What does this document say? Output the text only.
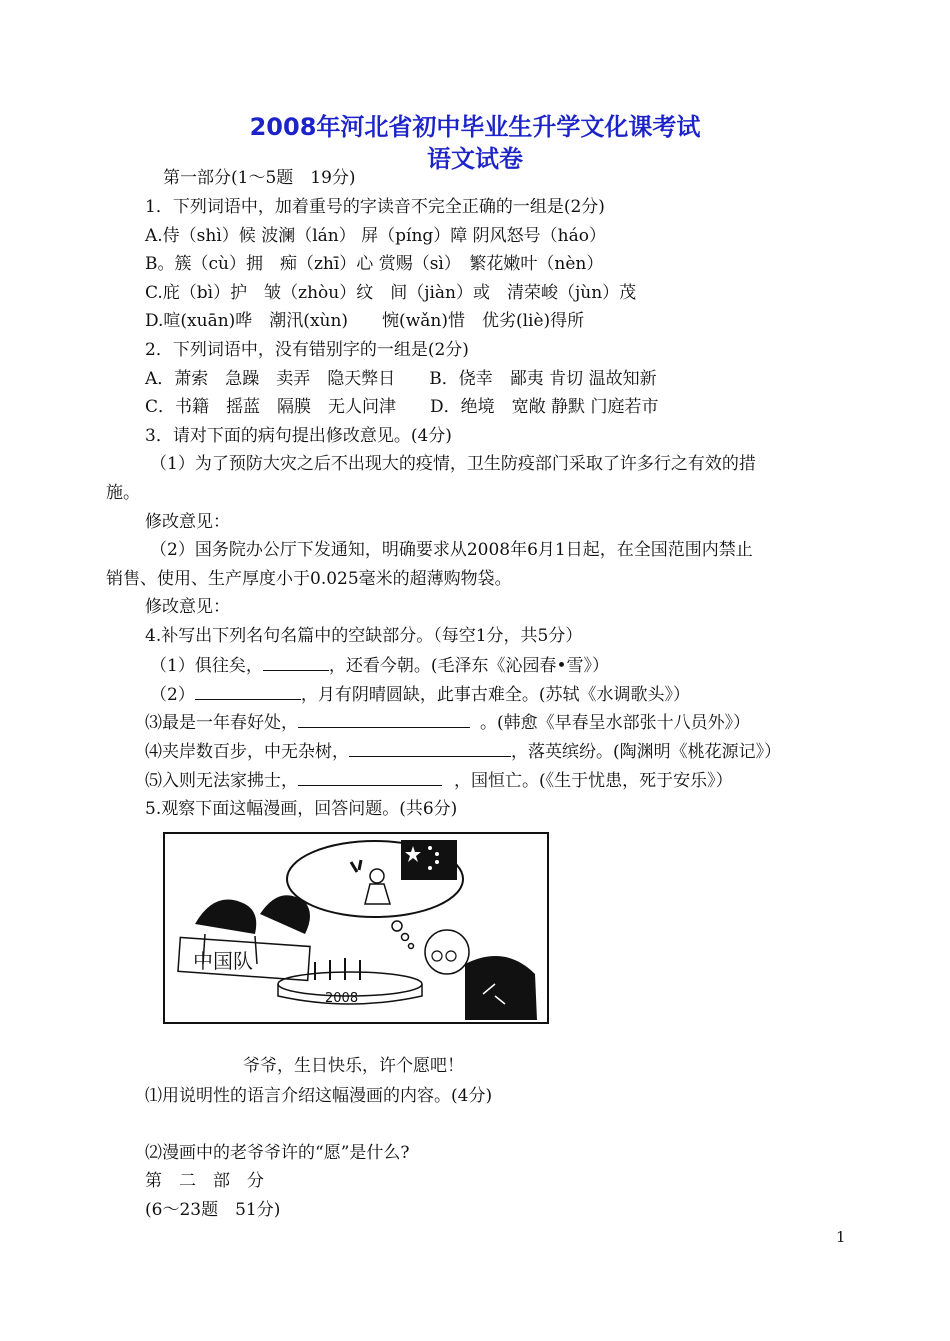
2008年河北省初中毕业生升学文化课考试
语文试卷
第一部分(1～5题　19分)
1．下列词语中，加着重号的字读音不完全正确的一组是(2分)
A.侍（shì）候 波澜（lán） 屏（píng）障 阴风怒号（háo）
B。簇（cù）拥　痴（zhī）心 赏赐（sì）　繁花嫩叶（nèn）
C.庇（bì）护　皱（zhòu）纹　间（jiàn）或　清荣峻（jùn）茂
D.喧(xuān)哗　潮汛(xùn)　　惋(wǎn)惜　优劣(liè)得所
2．下列词语中，没有错别字的一组是(2分)
A．萧索　急躁　卖弄　隐天弊日　　B．侥幸　鄙夷 肯切 温故知新
C．书籍　摇蓝　隔膜　无人问津　　D．绝境　宽敞 静默 门庭若市
3．请对下面的病句提出修改意见。(4分)
（1）为了预防大灾之后不出现大的疫情，卫生防疫部门采取了许多行之有效的措
施。
修改意见：
（2）国务院办公厅下发通知，明确要求从2008年6月1日起，在全国范围内禁止
销售、使用、生产厚度小于0.025毫米的超薄购物袋。
修改意见：
4.补写出下列名句名篇中的空缺部分。（每空1分，共5分）
（1）俱往矣，	，还看今朝。(毛泽东《沁园春•雪》）
（2）	，月有阴晴圆缺，此事古难全。(苏轼《水调歌头》）
⑶最是一年春好处，	。(韩愈《早春呈水部张十八员外》）
⑷夹岸数百步，中无杂树，	，落英缤纷。(陶渊明《桃花源记》）
⑸入则无法家拂士，	，国恒亡。(《生于忧患，死于安乐》）
5.观察下面这幅漫画，回答问题。(共6分)
中国队
2008
爷爷，生日快乐，许个愿吧！
⑴用说明性的语言介绍这幅漫画的内容。(4分)
⑵漫画中的老爷爷许的“愿”是什么?
第　二　部　分
(6～23题　51分)
1
